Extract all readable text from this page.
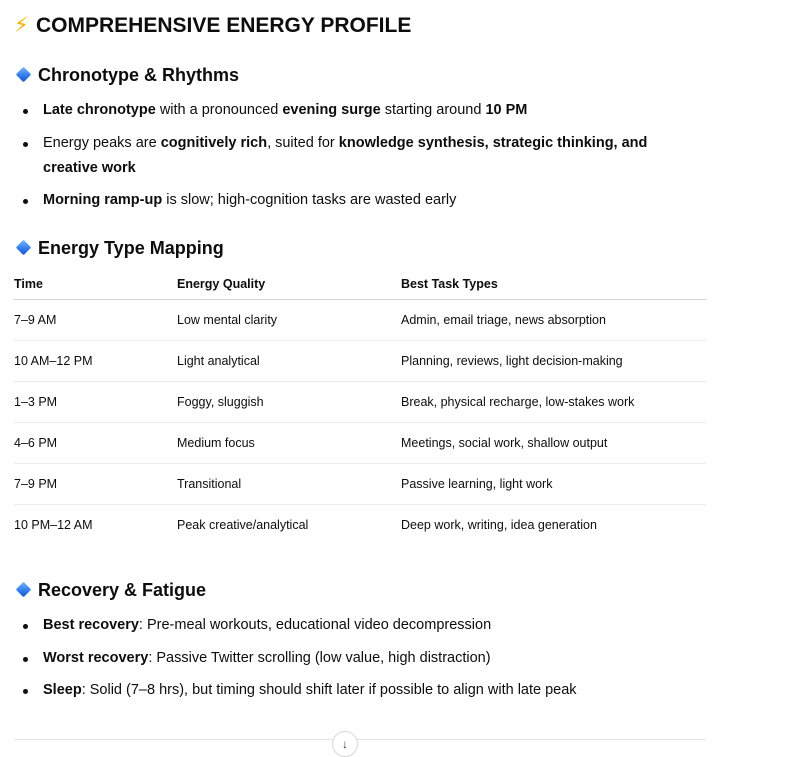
⚡ COMPREHENSIVE ENERGY PROFILE
Chronotype & Rhythms
Late chronotype with a pronounced evening surge starting around 10 PM
Energy peaks are cognitively rich, suited for knowledge synthesis, strategic thinking, and creative work
Morning ramp-up is slow; high-cognition tasks are wasted early
Energy Type Mapping
Time	Energy Quality	Best Task Types
7–9 AM	Low mental clarity	Admin, email triage, news absorption
10 AM–12 PM	Light analytical	Planning, reviews, light decision-making
1–3 PM	Foggy, sluggish	Break, physical recharge, low-stakes work
4–6 PM	Medium focus	Meetings, social work, shallow output
7–9 PM	Transitional	Passive learning, light work
10 PM–12 AM	Peak creative/analytical	Deep work, writing, idea generation
Recovery & Fatigue
Best recovery: Pre-meal workouts, educational video decompression
Worst recovery: Passive Twitter scrolling (low value, high distraction)
Sleep: Solid (7–8 hrs), but timing should shift later if possible to align with late peak
↓
